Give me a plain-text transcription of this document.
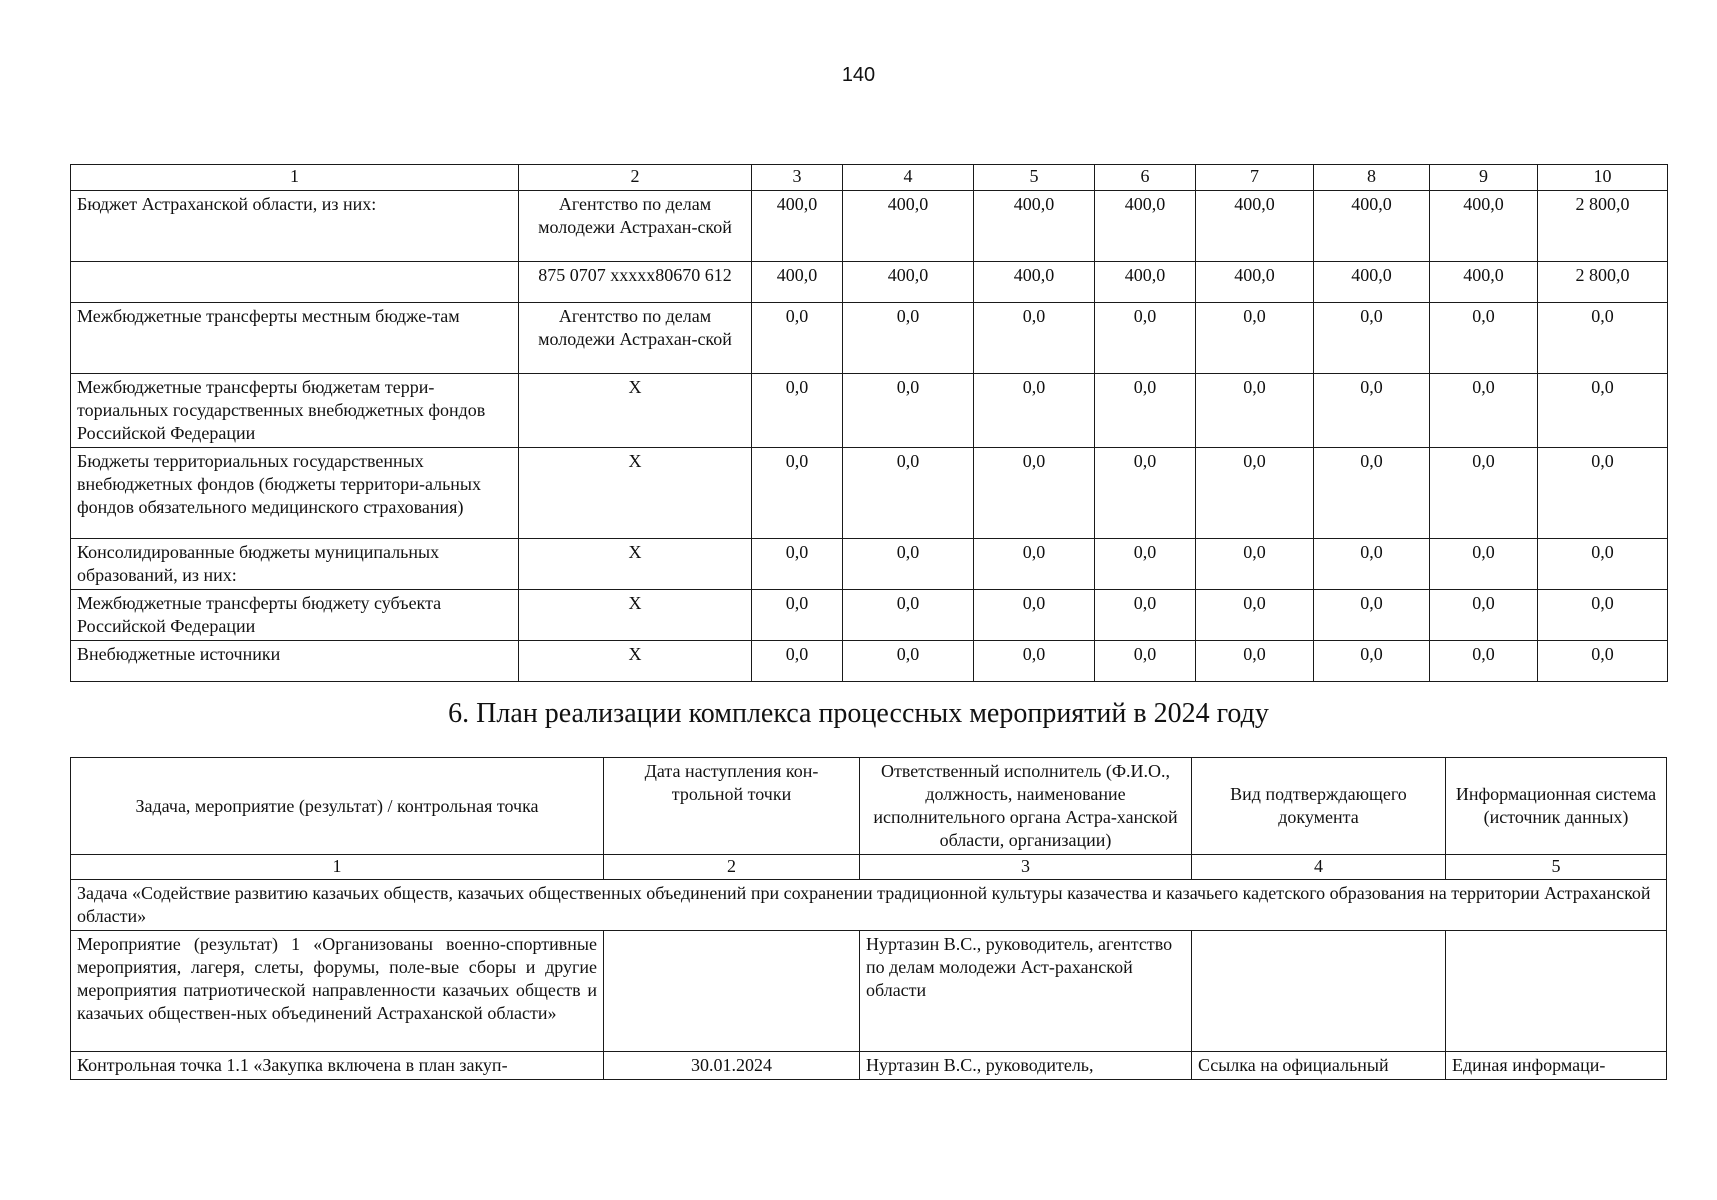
140
1	2	3	4	5	6	7	8	9	10
Бюджет Астраханской области, из них:	Агентство по делам молодежи Астрахан-ской	400,0	400,0	400,0	400,0	400,0	400,0	400,0	2 800,0
	875 0707 ххххх80670 612	400,0	400,0	400,0	400,0	400,0	400,0	400,0	2 800,0
Межбюджетные трансферты местным бюдже-там	Агентство по делам молодежи Астрахан-ской	0,0	0,0	0,0	0,0	0,0	0,0	0,0	0,0
Межбюджетные трансферты бюджетам терри-ториальных государственных внебюджетных фондов Российской Федерации	X	0,0	0,0	0,0	0,0	0,0	0,0	0,0	0,0
Бюджеты территориальных государственных внебюджетных фондов (бюджеты территори-альных фондов обязательного медицинского страхования)	X	0,0	0,0	0,0	0,0	0,0	0,0	0,0	0,0
Консолидированные бюджеты муниципальных образований, из них:	X	0,0	0,0	0,0	0,0	0,0	0,0	0,0	0,0
Межбюджетные трансферты бюджету субъекта Российской Федерации	X	0,0	0,0	0,0	0,0	0,0	0,0	0,0	0,0
Внебюджетные источники	X	0,0	0,0	0,0	0,0	0,0	0,0	0,0	0,0
6. План реализации комплекса процессных мероприятий в 2024 году
Задача, мероприятие (результат) / контрольная точка	Дата наступления кон-трольной точки	Ответственный исполнитель (Ф.И.О., должность, наименование исполнительного органа Астра-ханской области, организации)	Вид подтверждающего документа	Информационная система (источник данных)
1	2	3	4	5
Задача «Содействие развитию казачьих обществ, казачьих общественных объединений при сохранении традиционной культуры казачества и казачьего кадетского образования на территории Астраханской области»				
Мероприятие (результат) 1 «Организованы военно-спортивные мероприятия, лагеря, слеты, форумы, поле-вые сборы и другие мероприятия патриотической направленности казачьих обществ и казачьих обществен-ных объединений Астраханской области»		Нуртазин В.С., руководитель, агентство по делам молодежи Аст-раханской области		
Контрольная точка 1.1 «Закупка включена в план закуп-	30.01.2024	Нуртазин В.С., руководитель,	Ссылка на официальный	Единая информаци-
